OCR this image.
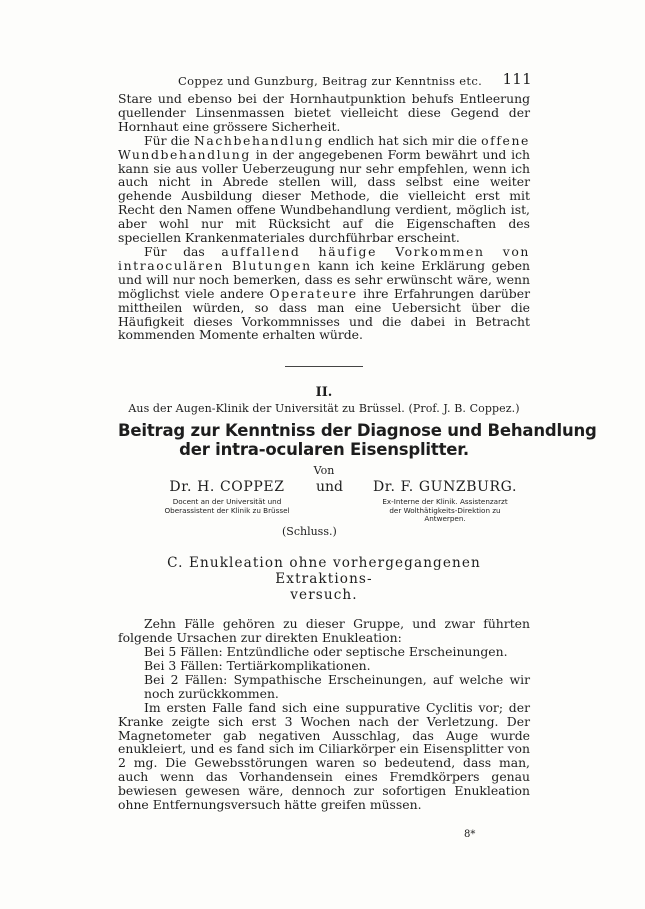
Coppez und Gunzburg, Beitrag zur Kenntniss etc. 111

Stare und ebenso bei der Hornhautpunktion behufs Entleerung quellender Linsenmassen bietet vielleicht diese Gegend der Hornhaut eine grössere Sicherheit.

Für die Nachbehandlung endlich hat sich mir die offene Wundbehandlung in der angegebenen Form bewährt und ich kann sie aus voller Ueberzeugung nur sehr empfehlen, wenn ich auch nicht in Abrede stellen will, dass selbst eine weiter gehende Ausbildung dieser Methode, die vielleicht erst mit Recht den Namen offene Wundbehandlung verdient, möglich ist, aber wohl nur mit Rücksicht auf die Eigenschaften des speciellen Krankenmateriales durchführbar erscheint.

Für das auffallend häufige Vorkommen von intraoculären Blutungen kann ich keine Erklärung geben und will nur noch bemerken, dass es sehr erwünscht wäre, wenn möglichst viele andere Operateure ihre Erfahrungen darüber mittheilen würden, so dass man eine Uebersicht über die Häufigkeit dieses Vorkommnisses und die dabei in Betracht kommenden Momente erhalten würde.

II.
Aus der Augen-Klinik der Universität zu Brüssel. (Prof. J. B. Coppez.)
Beitrag zur Kenntniss der Diagnose und Behandlung
der intra-ocularen Eisensplitter.
Von
Dr. H. COPPEZ
Docent an der Universität und
Oberassistent der Klinik zu Brüssel
und	Dr. F. GUNZBURG.
Ex-Interne der Klinik. Assistenzarzt
der Wolthätigkeits-Direktion zu
Antwerpen.
(Schluss.)
C. Enukleation ohne vorhergegangenen Extraktions-
versuch.

Zehn Fälle gehören zu dieser Gruppe, und zwar führten folgende Ursachen zur direkten Enukleation:

Bei 5 Fällen: Entzündliche oder septische Erscheinungen.

Bei 3 Fällen: Tertiärkomplikationen.

Bei 2 Fällen: Sympathische Erscheinungen, auf welche wir noch zurückkommen.

Im ersten Falle fand sich eine suppurative Cyclitis vor; der Kranke zeigte sich erst 3 Wochen nach der Verletzung. Der Magnetometer gab negativen Ausschlag, das Auge wurde enukleiert, und es fand sich im Ciliarkörper ein Eisensplitter von 2 mg. Die Gewebsstörungen waren so bedeutend, dass man, auch wenn das Vorhandensein eines Fremdkörpers genau bewiesen gewesen wäre, dennoch zur sofortigen Enukleation ohne Entfernungsversuch hätte greifen müssen.

8*
